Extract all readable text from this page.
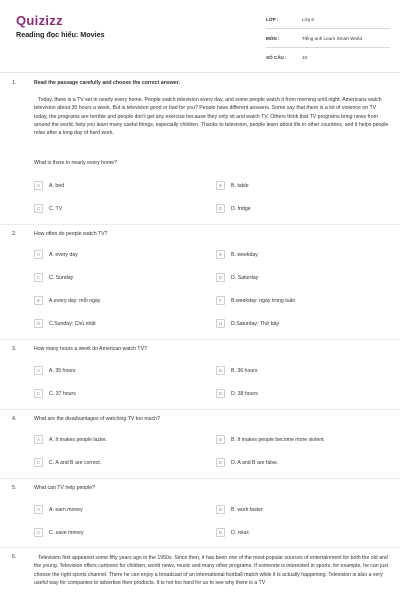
Quizizz
Reading đọc hiểu: Movies
LỚP :	Lớp 6
MÔN :	Tiếng anh Learn Smart World
SỐ CÂU :	10
1.	Read the passage carefully and choose the correct answer.
Today, there is a TV set in nearly every home. People watch television every day, and some people watch it from morning until night. Americans watch television about 35 hours a week. But is television good or bad for you? People have different answers. Some say that there is a lot of violence on TV today, the programs are terrible and people don't get any exercise because they only sit and watch TV. Others think that TV programs bring news from around the world, help you learn many useful things, especially children. Thanks to television, people learn about life in other countries, and it helps people relax after a long day of hard work.
What is there in nearly every home?
A	A. bed	B	B. table
C	C. TV	D	D. fridge
2.	How often do people watch TV?
A	A. every day	B	B. weekday
C	C. Sunday	D	D. Saturday
E	A.every day: mỗi ngày	F	B.weekday: ngày trong tuần
G	C.Sunday: Chủ nhật	H	D.Saturday: Thứ bảy
3.	How many hours a week do American watch TV?
A	A. 35 hours	B	B. 36 hours
C	C. 37 hours	D	D. 38 hours
4.	What are the disadvantages of watching TV too much?
A	A. It makes people lazier.	B	B. It makes people become more violent.
C	C. A and B are correct.	D	D. A and B are false.
5.	What can TV help people?
A	A. earn money	B	B. work faster
C	C. save money	D	D. relax
6.	Television first appeared some fifty years ago in the 1950s. Since then, it has been one of the most popular sources of entertainment for both the old and the young. Television offers cartoons for children, world news, music and many other programs. If someone is interested in sports, for example, he can just choose the right sports channel. There he can enjoy a broadcast of an international football match while it is actually happening. Television is also a very useful way for companies to advertise their products. It is not too hard for us to see why there is a TV
